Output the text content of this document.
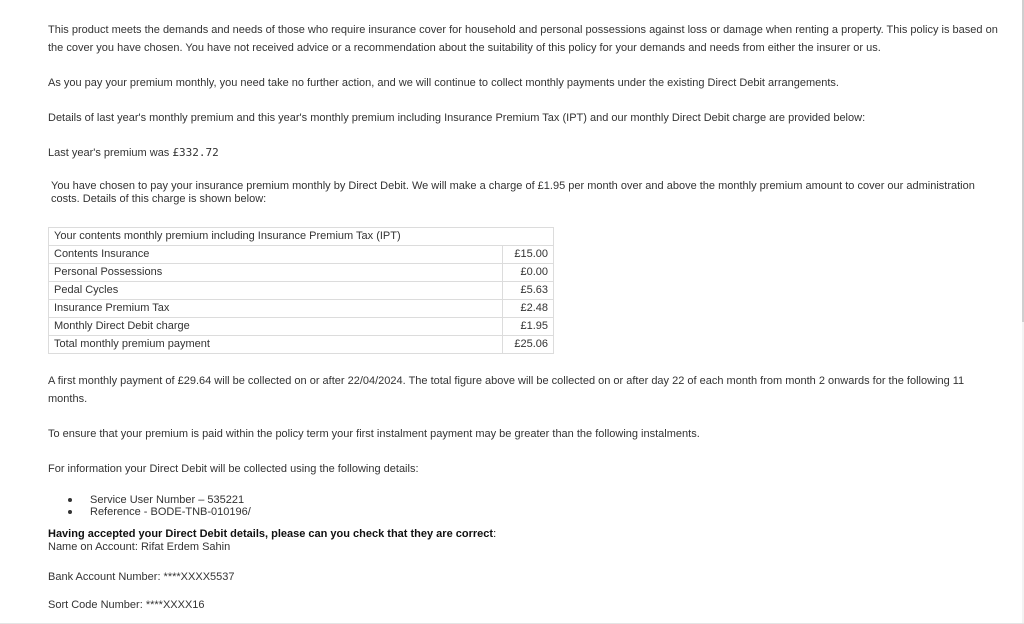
This product meets the demands and needs of those who require insurance cover for household and personal possessions against loss or damage when renting a property. This policy is based on the cover you have chosen. You have not received advice or a recommendation about the suitability of this policy for your demands and needs from either the insurer or us.

As you pay your premium monthly, you need take no further action, and we will continue to collect monthly payments under the existing Direct Debit arrangements.

Details of last year's monthly premium and this year's monthly premium including Insurance Premium Tax (IPT) and our monthly Direct Debit charge are provided below:

Last year's premium was £332.72

You have chosen to pay your insurance premium monthly by Direct Debit. We will make a charge of £1.95 per month over and above the monthly premium amount to cover our administration costs. Details of this charge is shown below:

Your contents monthly premium including Insurance Premium Tax (IPT)	
Contents Insurance	£15.00
Personal Possessions	£0.00
Pedal Cycles	£5.63
Insurance Premium Tax	£2.48
Monthly Direct Debit charge	£1.95
Total monthly premium payment	£25.06

A first monthly payment of £29.64 will be collected on or after 22/04/2024. The total figure above will be collected on or after day 22 of each month from month 2 onwards for the following 11 months.

To ensure that your premium is paid within the policy term your first instalment payment may be greater than the following instalments.

For information your Direct Debit will be collected using the following details:

Service User Number – 535221
Reference - BODE-TNB-010196/

Having accepted your Direct Debit details, please can you check that they are correct:

Name on Account: Rifat Erdem Sahin

Bank Account Number: ****XXXX5537

Sort Code Number: ****XXXX16
